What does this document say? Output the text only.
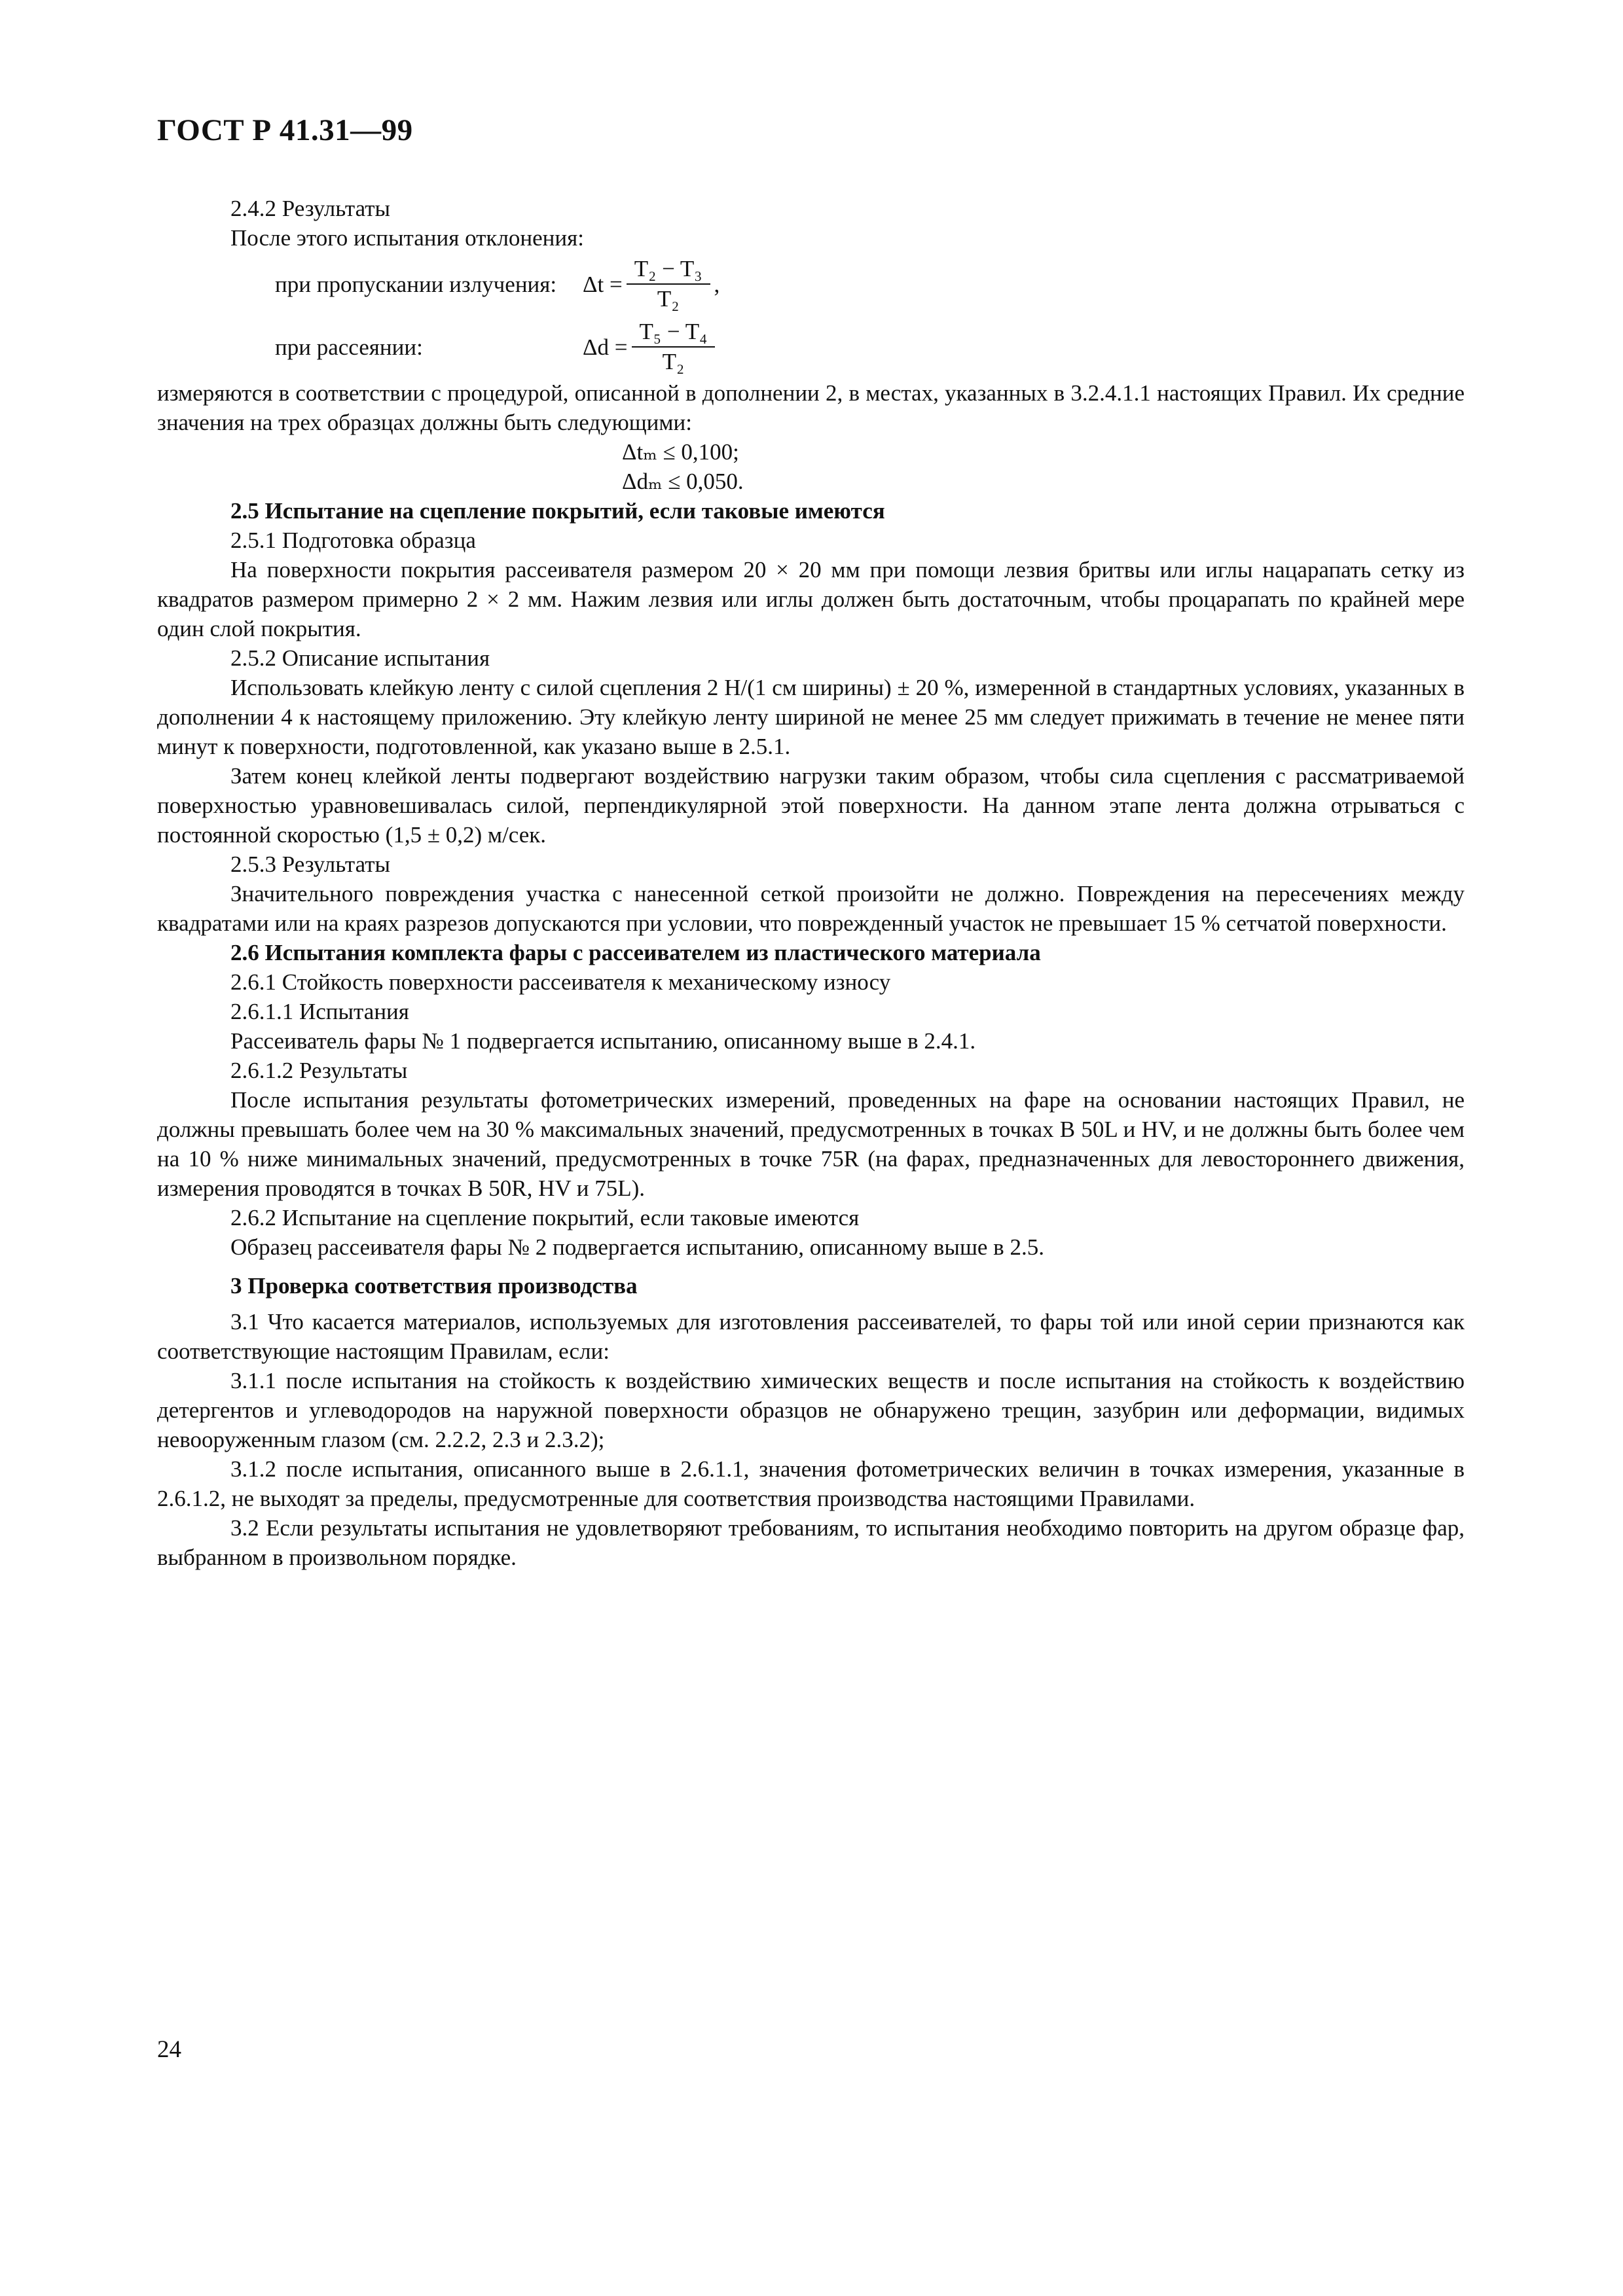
ГОСТ Р 41.31—99

2.4.2 Результаты

После этого испытания отклонения:

при пропускании излучения:	$\Delta t = \frac{\text{T₂ − T₃}}{\text{T₂}}$ ,
при рассеянии:	$\Delta d = \frac{\text{T₅ − T₄}}{\text{T₂}}$

измеряются в соответствии с процедурой, описанной в дополнении 2, в местах, указанных в 3.2.4.1.1 настоящих Правил. Их средние значения на трех образцах должны быть следующими:

Δtₘ ≤ 0,100;

Δdₘ ≤ 0,050.

2.5 Испытание на сцепление покрытий, если таковые имеются

2.5.1 Подготовка образца

На поверхности покрытия рассеивателя размером 20 × 20 мм при помощи лезвия бритвы или иглы нацарапать сетку из квадратов размером примерно 2 × 2 мм. Нажим лезвия или иглы должен быть достаточным, чтобы процарапать по крайней мере один слой покрытия.

2.5.2 Описание испытания

Использовать клейкую ленту с силой сцепления 2 Н/(1 см ширины) ± 20 %, измеренной в стандартных условиях, указанных в дополнении 4 к настоящему приложению. Эту клейкую ленту шириной не менее 25 мм следует прижимать в течение не менее пяти минут к поверхности, подготовленной, как указано выше в 2.5.1.

Затем конец клейкой ленты подвергают воздействию нагрузки таким образом, чтобы сила сцепления с рассматриваемой поверхностью уравновешивалась силой, перпендикулярной этой поверхности. На данном этапе лента должна отрываться с постоянной скоростью (1,5 ± 0,2) м/сек.

2.5.3 Результаты

Значительного повреждения участка с нанесенной сеткой произойти не должно. Повреждения на пересечениях между квадратами или на краях разрезов допускаются при условии, что поврежденный участок не превышает 15 % сетчатой поверхности.

2.6 Испытания комплекта фары с рассеивателем из пластического материала

2.6.1 Стойкость поверхности рассеивателя к механическому износу

2.6.1.1 Испытания

Рассеиватель фары № 1 подвергается испытанию, описанному выше в 2.4.1.

2.6.1.2 Результаты

После испытания результаты фотометрических измерений, проведенных на фаре на основании настоящих Правил, не должны превышать более чем на 30 % максимальных значений, предусмотренных в точках В 50L и HV, и не должны быть более чем на 10 % ниже минимальных значений, предусмотренных в точке 75R (на фарах, предназначенных для левостороннего движения, измерения проводятся в точках В 50R, HV и 75L).

2.6.2 Испытание на сцепление покрытий, если таковые имеются

Образец рассеивателя фары № 2 подвергается испытанию, описанному выше в 2.5.

3 Проверка соответствия производства

3.1 Что касается материалов, используемых для изготовления рассеивателей, то фары той или иной серии признаются как соответствующие настоящим Правилам, если:

3.1.1 после испытания на стойкость к воздействию химических веществ и после испытания на стойкость к воздействию детергентов и углеводородов на наружной поверхности образцов не обнаружено трещин, зазубрин или деформации, видимых невооруженным глазом (см. 2.2.2, 2.3 и 2.3.2);

3.1.2 после испытания, описанного выше в 2.6.1.1, значения фотометрических величин в точках измерения, указанные в 2.6.1.2, не выходят за пределы, предусмотренные для соответствия производства настоящими Правилами.

3.2 Если результаты испытания не удовлетворяют требованиям, то испытания необходимо повторить на другом образце фар, выбранном в произвольном порядке.

24
